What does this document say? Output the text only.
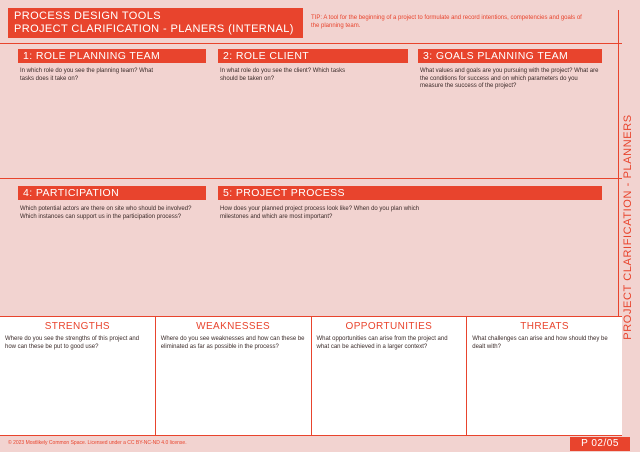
PROCESS DESIGN TOOLS
PROJECT CLARIFICATION - PLANERS (INTERNAL)
TIP: A tool for the beginning of a project to formulate and record intentions, competencies and goals of the planning team.
1: ROLE PLANNING TEAM	2: ROLE CLIENT	3: GOALS PLANNING TEAM
In which role do you see the planning team? What tasks does it take on?
In what role do you see the client? Which tasks should be taken on?
What values and goals are you pursuing with the project? What are the conditions for success and on which parameters do you measure the success of the project?
4: PARTICIPATION	5: PROJECT PROCESS
Which potential actors are there on site who should be involved? Which instances can support us in the participation process?
How does your planned project process look like? When do you plan which milestones and which are most important?	PROJECT CLARIFICATION - PLANNERS
STRENGTHS
Where do you see the strengths of this project and how can these be put to good use?
WEAKNESSES
Where do you see weaknesses and how can these be eliminated as far as possible in the process?
OPPORTUNITIES
What opportunities can arise from the project and what can be achieved in a larger context?
THREATS
What challenges can arise and how should they be dealt with?
© 2023 Mostlikely Common Space. Licensed under a CC BY-NC-ND 4.0 license.	P 02/05
